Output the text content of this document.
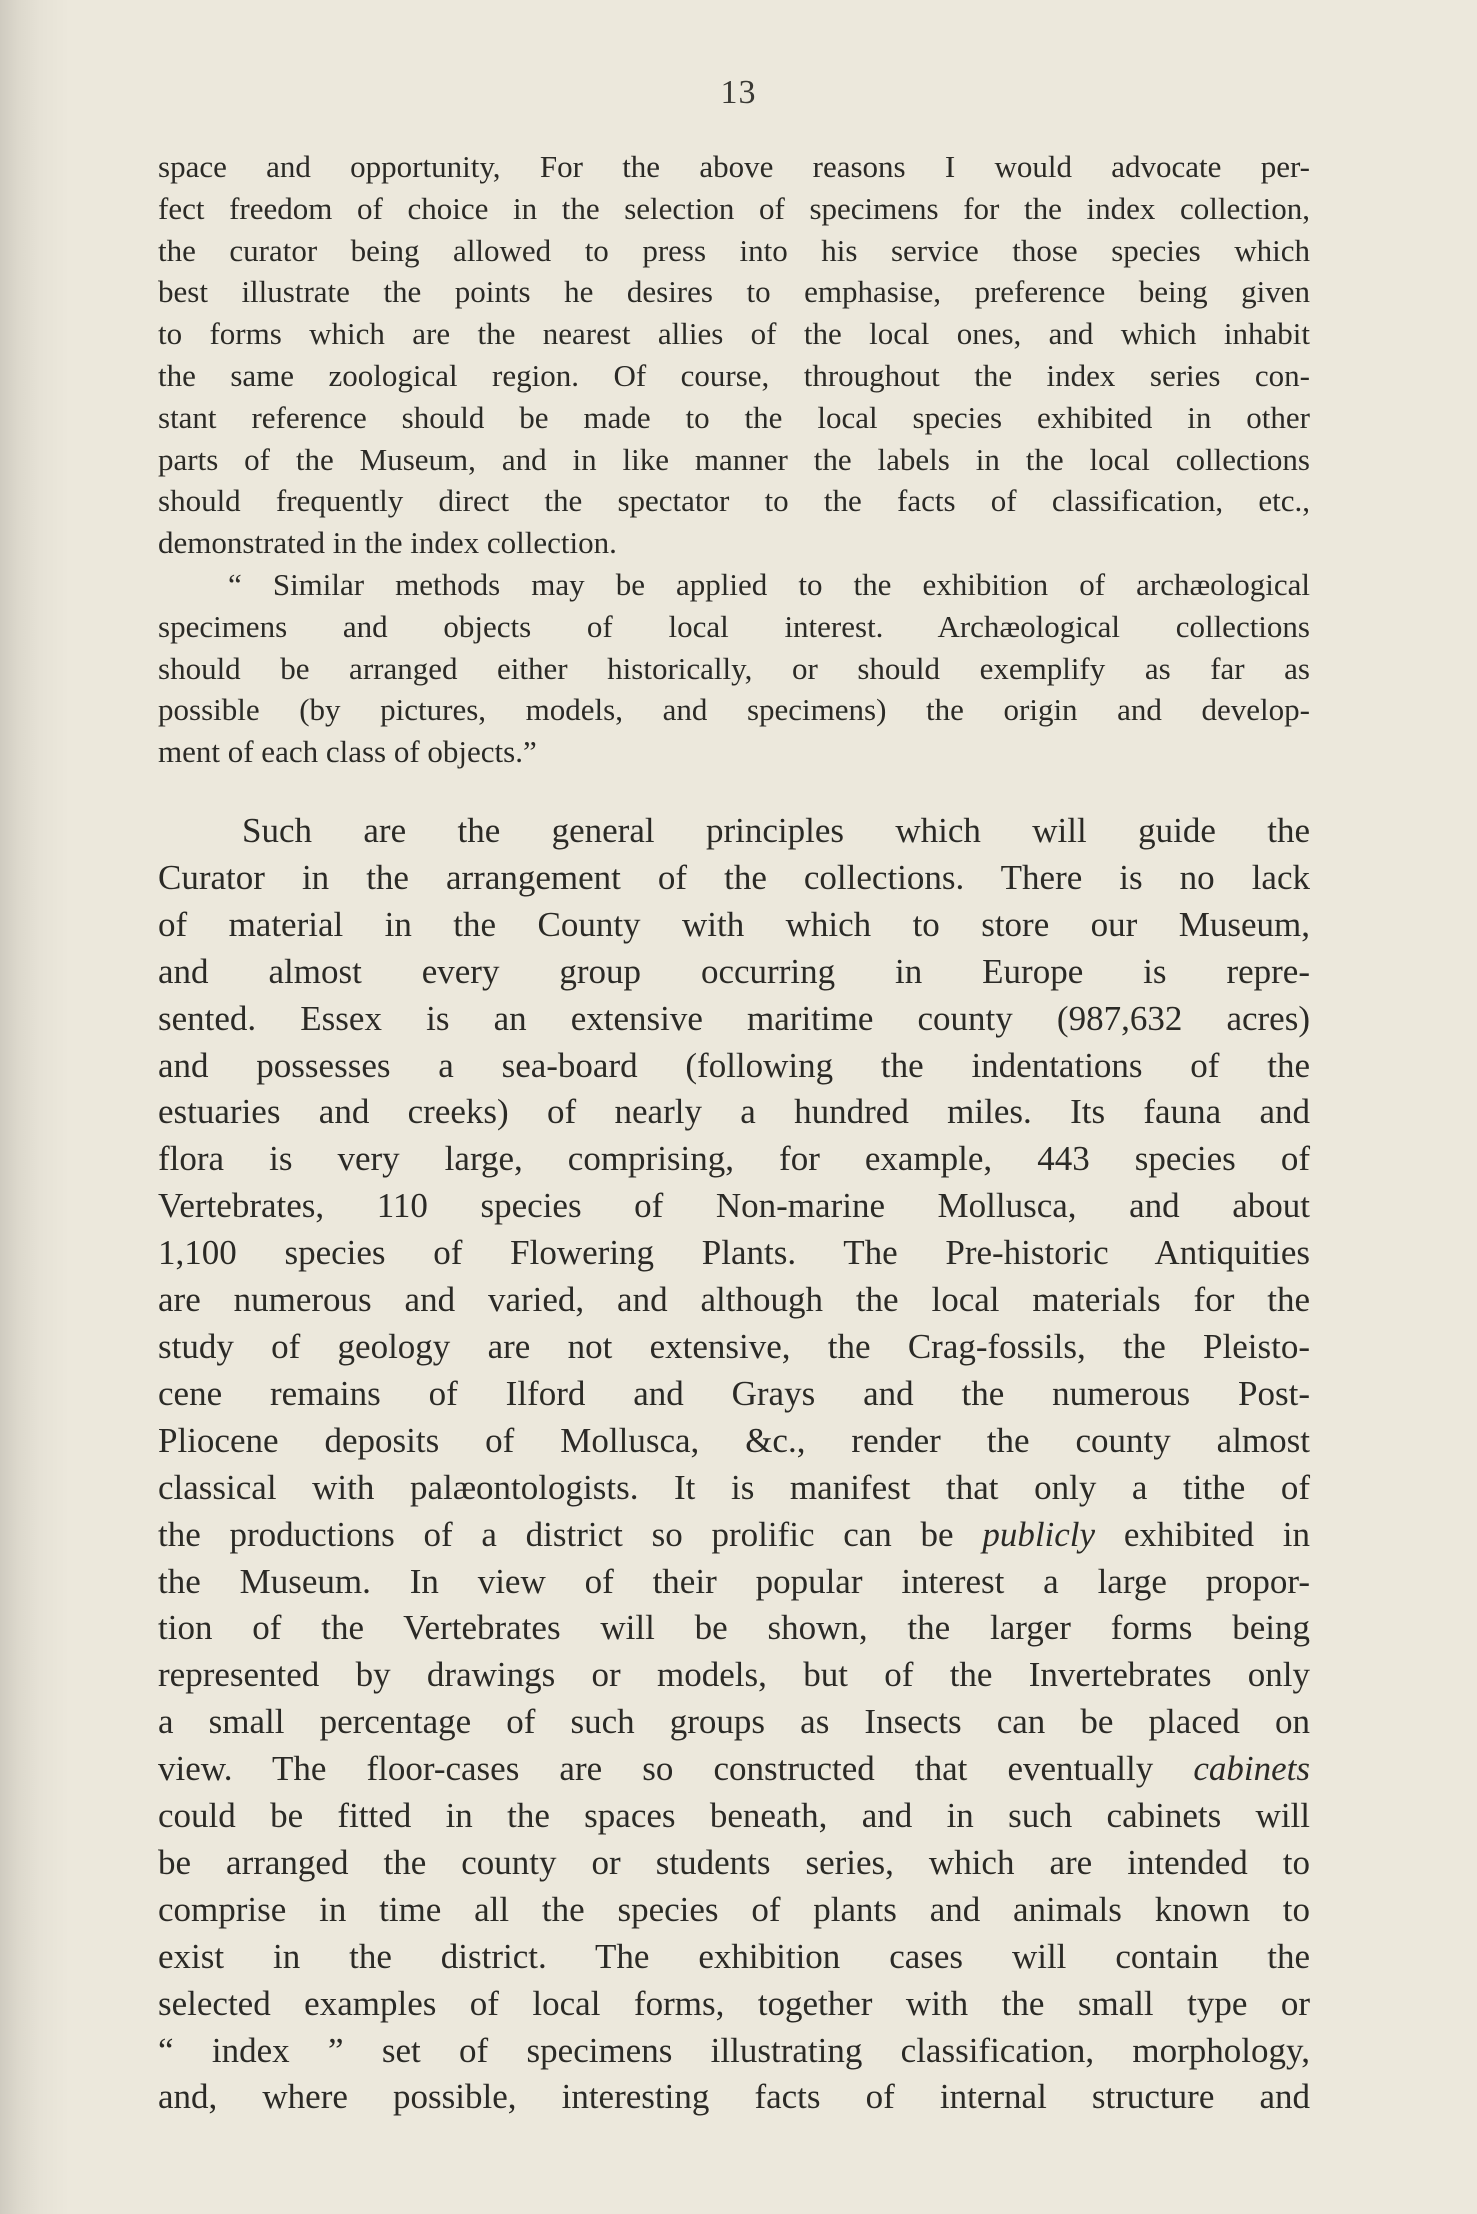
13

space and opportunity, For the above reasons I would advocate per-
fect freedom of choice in the selection of specimens for the index collection,
the curator being allowed to press into his service those species which
best illustrate the points he desires to emphasise, preference being given
to forms which are the nearest allies of the local ones, and which inhabit
the same zoological region. Of course, throughout the index series con-
stant reference should be made to the local species exhibited in other
parts of the Museum, and in like manner the labels in the local collections
should frequently direct the spectator to the facts of classification, etc.,
demonstrated in the index collection.

“ Similar methods may be applied to the exhibition of archæological
specimens and objects of local interest. Archæological collections
should be arranged either historically, or should exemplify as far as
possible (by pictures, models, and specimens) the origin and develop-
ment of each class of objects.”

Such are the general principles which will guide the
Curator in the arrangement of the collections. There is no lack
of material in the County with which to store our Museum,
and almost every group occurring in Europe is repre-
sented. Essex is an extensive maritime county (987,632 acres)
and possesses a sea-board (following the indentations of the
estuaries and creeks) of nearly a hundred miles. Its fauna and
flora is very large, comprising, for example, 443 species of
Vertebrates, 110 species of Non-marine Mollusca, and about
1,100 species of Flowering Plants. The Pre-historic Antiquities
are numerous and varied, and although the local materials for the
study of geology are not extensive, the Crag-fossils, the Pleisto-
cene remains of Ilford and Grays and the numerous Post-
Pliocene deposits of Mollusca, &c., render the county almost
classical with palæontologists. It is manifest that only a tithe of
the productions of a district so prolific can be publicly exhibited in
the Museum. In view of their popular interest a large propor-
tion of the Vertebrates will be shown, the larger forms being
represented by drawings or models, but of the Invertebrates only
a small percentage of such groups as Insects can be placed on
view. The floor-cases are so constructed that eventually cabinets
could be fitted in the spaces beneath, and in such cabinets will
be arranged the county or students series, which are intended to
comprise in time all the species of plants and animals known to
exist in the district. The exhibition cases will contain the
selected examples of local forms, together with the small type or
“ index ” set of specimens illustrating classification, morphology,
and, where possible, interesting facts of internal structure and
